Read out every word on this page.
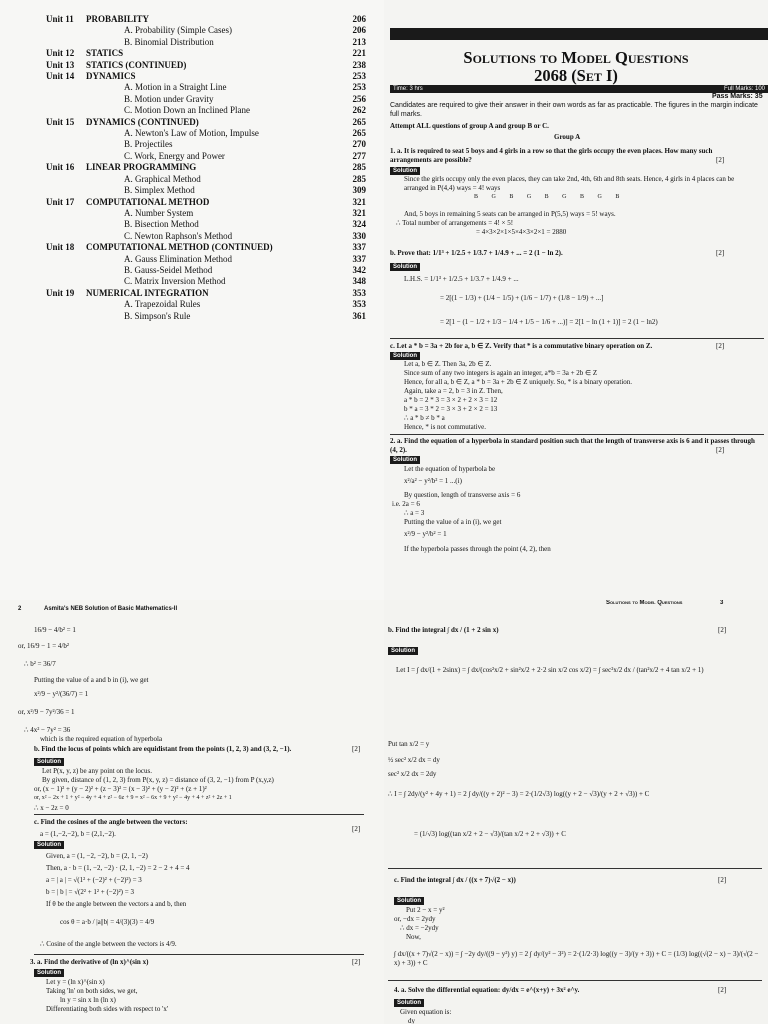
Unit 11	PROBABILITY	206
A. Probability (Simple Cases)	206
B. Binomial Distribution	213
Unit 12	STATICS	221
Unit 13	STATICS (CONTINUED)	238
Unit 14	DYNAMICS	253
A. Motion in a Straight Line	253
B. Motion under Gravity	256
C. Motion Down an Inclined Plane	262
Unit 15	DYNAMICS (CONTINUED)	265
A. Newton's Law of Motion, Impulse	265
B. Projectiles	270
C. Work, Energy and Power	277
Unit 16	LINEAR PROGRAMMING	285
A. Graphical Method	285
B. Simplex Method	309
Unit 17	COMPUTATIONAL METHOD	321
A. Number System	321
B. Bisection Method	324
C. Newton Raphson's Method	330
Unit 18	COMPUTATIONAL METHOD (CONTINUED)	337
A. Gauss Elimination Method	337
B. Gauss-Seidel Method	342
C. Matrix Inversion Method	348
Unit 19	NUMERICAL INTEGRATION	353
A. Trapezoidal Rules	353
B. Simpson's Rule	361
Solutions to Model Questions
2068 (Set I)
Time: 3 hrs	Full Marks: 100
Pass Marks: 35
Candidates are required to give their answer in their own words as far as practicable. The figures in the margin indicate full marks.
Attempt ALL questions of group A and group B or C.
Group A
1. a. It is required to seat 5 boys and 4 girls in a row so that the girls occupy the even places. How many such arrangements are possible?	[2]
Solution
Since the girls occupy only the even places, they can take 2nd, 4th, 6th and 8th seats. Hence, 4 girls in 4 places can be arranged in P(4,4) ways = 4! ways
B G B G B G B G B
And, 5 boys in remaining 5 seats can be arranged in P(5,5) ways = 5! ways.
∴ Total number of arrangements = 4! × 5!
= 4×3×2×1×5×4×3×2×1 = 2880
b. Prove that: 1/1³ + 1/2.5 + 1/3.7 + 1/4.9 + ... = 2 (1 − ln 2).	[2]
Solution
L.H.S. = 1/1³ + 1/2.5 + 1/3.7 + 1/4.9 + ...
= 2[(1 − 1/3) + (1/4 − 1/5) + (1/6 − 1/7) + (1/8 − 1/9) + ...]
= 2[1 − (1 − 1/2 + 1/3 − 1/4 + 1/5 − 1/6 + ...)] = 2[1 − ln (1 + 1)] = 2 (1 − ln2)
c. Let a * b = 3a + 2b for a, b ∈ Z. Verify that * is a commutative binary operation on Z.	[2]
Solution
Let a, b ∈ Z. Then 3a, 2b ∈ Z.
Since sum of any two integers is again an integer, a*b = 3a + 2b ∈ Z
Hence, for all a, b ∈ Z, a * b = 3a + 2b ∈ Z uniquely. So, * is a binary operation.
Again, take a = 2, b = 3 in Z. Then,
a * b = 2 * 3 = 3 × 2 + 2 × 3 = 12
b * a = 3 * 2 = 3 × 3 + 2 × 2 = 13
∴ a * b ≠ b * a
Hence, * is not commutative.
2. a. Find the equation of a hyperbola in standard position such that the length of transverse axis is 6 and it passes through (4, 2).	[2]
Solution
Let the equation of hyperbola be
x²/a² − y²/b² = 1 ...(i)
By question, length of transverse axis = 6
i.e. 2a = 6
∴ a = 3
Putting the value of a in (i), we get
x²/9 − y²/b² = 1
If the hyperbola passes through the point (4, 2), then
2	Asmita's NEB Solution of Basic Mathematics-II
16/9 − 4/b² = 1
or, 16/9 − 1 = 4/b²
∴ b² = 36/7
Putting the value of a and b in (i), we get
x²/9 − y²/(36/7) = 1
or, x²/9 − 7y²/36 = 1
∴ 4x² − 7y² = 36
which is the required equation of hyperbola
b. Find the locus of points which are equidistant from the points (1, 2, 3) and (3, 2, −1).	[2]
Solution
Let P(x, y, z) be any point on the locus.
By given, distance of (1, 2, 3) from P(x, y, z) = distance of (3, 2, −1) from P (x,y,z)
or, (x − 1)² + (y − 2)² + (z − 3)² = (x − 3)² + (y − 2)² + (z + 1)²
or, x² − 2x + 1 + y² − 4y + 4 + z² − 6z + 9 = x² − 6x + 9 + y² − 4y + 4 + z² + 2z + 1
∴ x − 2z = 0
c. Find the cosines of the angle between the vectors:
[2]
a = (1,−2,−2), b = (2,1,−2).
Solution
Given, a = (1, −2, −2), b = (2, 1, −2)
Then, a · b = (1, −2, −2) · (2, 1, −2) = 2 − 2 + 4 = 4
a = | a | = √(1² + (−2)² + (−2)²) = 3
b = | b | = √(2² + 1² + (−2)²) = 3
If θ be the angle between the vectors a and b, then
cos θ = a·b / |a||b| = 4/(3)(3) = 4/9
∴ Cosine of the angle between the vectors is 4/9.
3. a. Find the derivative of (ln x)^(sin x)	[2]
Solution
Let y = (ln x)^(sin x)
Taking 'ln' on both sides, we get,
ln y = sin x ln (ln x)
Differentiating both sides with respect to 'x'
Solutions to Model Questions	3
b. Find the integral ∫ dx / (1 + 2 sin x)	[2]
Solution
Let I = ∫ dx/(1 + 2sinx) = ∫ dx/(cos²x/2 + sin²x/2 + 2·2 sin x/2 cos x/2) = ∫ sec²x/2 dx / (tan²x/2 + 4 tan x/2 + 1)
Put tan x/2 = y
½ sec² x/2 dx = dy
sec² x/2 dx = 2dy
∴ I = ∫ 2dy/(y² + 4y + 1) = 2 ∫ dy/((y + 2)² − 3) = 2·(1/2√3) log((y + 2 − √3)/(y + 2 + √3)) + C
= (1/√3) log((tan x/2 + 2 − √3)/(tan x/2 + 2 + √3)) + C
c. Find the integral ∫ dx / ((x + 7)√(2 − x))	[2]
Solution
Put 2 − x = y²
or, −dx = 2ydy
∴ dx = −2ydy
Now,
∫ dx/((x + 7)√(2 − x)) = ∫ −2y dy/((9 − y²) y) = 2 ∫ dy/(y² − 3²) = 2·(1/2·3) log((y − 3)/(y + 3)) + C = (1/3) log((√(2 − x) − 3)/(√(2 − x) + 3)) + C
4. a. Solve the differential equation: dy/dx = e^(x+y) + 3x² e^y.	[2]
Solution
Given equation is:
dy
